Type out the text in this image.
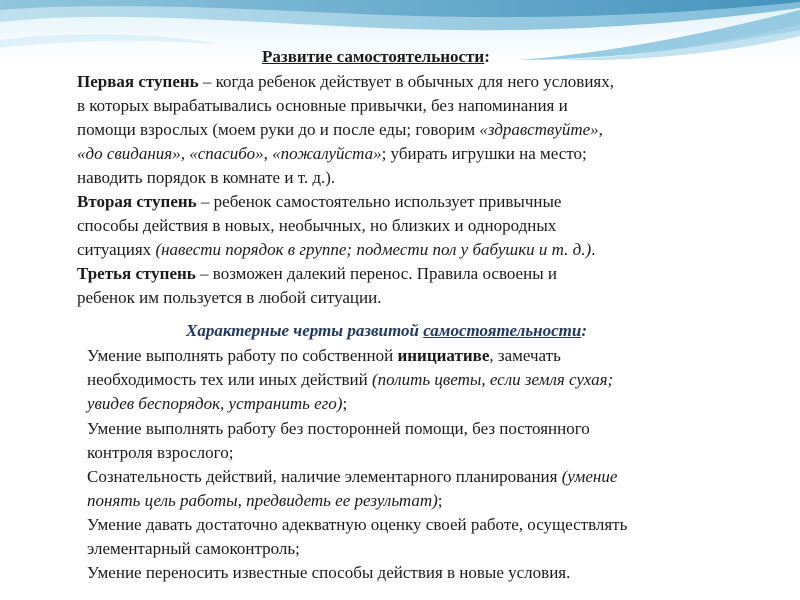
Развитие самостоятельности:
Первая ступень – когда ребенок действует в обычных для него условиях,
в которых вырабатывались основные привычки, без напоминания и
помощи взрослых (моем руки до и после еды; говорим «здравствуйте»,
«до свидания», «спасибо», «пожалуйста»; убирать игрушки на место;
наводить порядок в комнате и т. д.).
Вторая ступень – ребенок самостоятельно использует привычные
способы действия в новых, необычных, но близких и однородных
ситуациях (навести порядок в группе; подмести пол у бабушки и т. д.).
Третья ступень – возможен далекий перенос. Правила освоены и
ребенок им пользуется в любой ситуации.
Характерные черты развитой самостоятельности:
Умение выполнять работу по собственной инициативе, замечать
необходимость тех или иных действий (полить цветы, если земля сухая;
увидев беспорядок, устранить его);
Умение выполнять работу без посторонней помощи, без постоянного
контроля взрослого;
Сознательность действий, наличие элементарного планирования (умение
понять цель работы, предвидеть ее результат);
Умение давать достаточно адекватную оценку своей работе, осуществлять
элементарный самоконтроль;
Умение переносить известные способы действия в новые условия.
